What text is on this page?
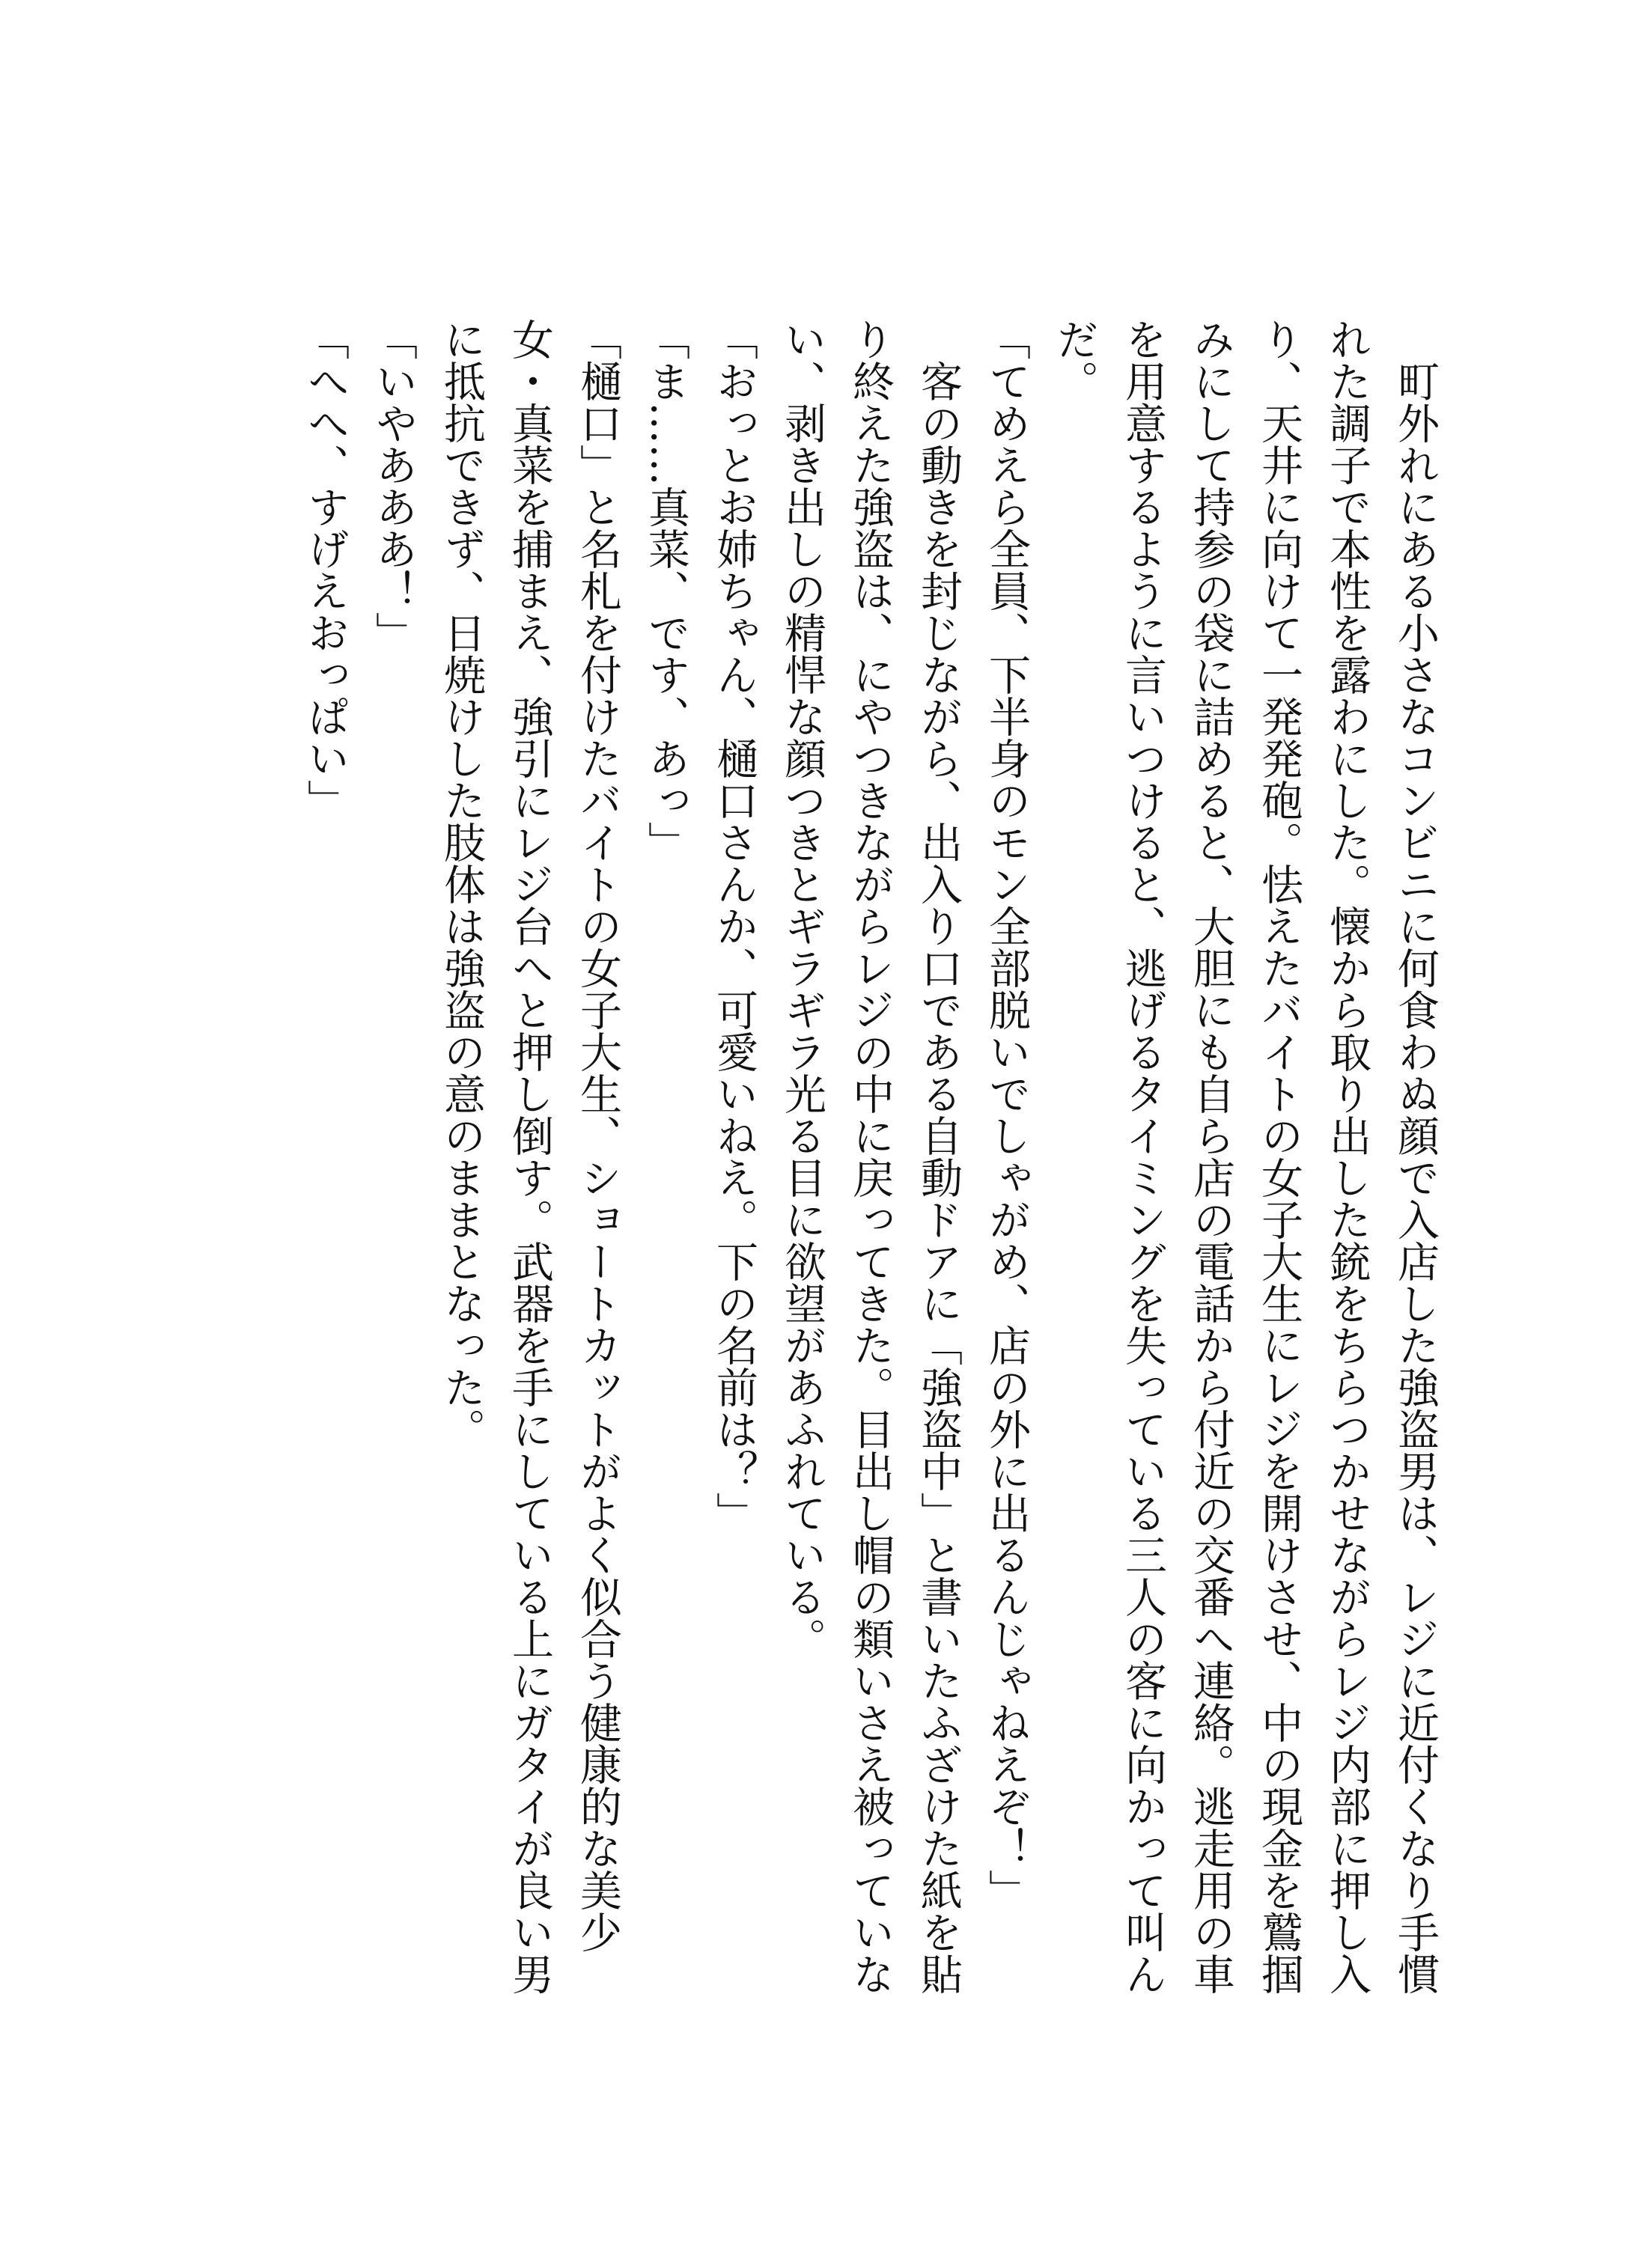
町外れにある小さなコンビニに何食わぬ顔で入店した強盗男は、レジに近付くなり手慣れた調子で本性を露わにした。懐から取り出した銃をちらつかせながらレジ内部に押し入り、天井に向けて一発発砲。怯えたバイトの女子大生にレジを開けさせ、中の現金を鷲掴みにして持参の袋に詰めると、大胆にも自ら店の電話から付近の交番へ連絡。逃走用の車を用意するように言いつけると、逃げるタイミングを失っている三人の客に向かって叫んだ。

「てめえら全員、下半身のモン全部脱いでしゃがめ、店の外に出るんじゃねえぞ！」

客の動きを封じながら、出入り口である自動ドアに「強盗中」と書いたふざけた紙を貼り終えた強盗は、にやつきながらレジの中に戻ってきた。目出し帽の類いさえ被っていない、剥き出しの精悍な顔つきとギラギラ光る目に欲望があふれている。

「おっとお姉ちゃん、樋口さんか、可愛いねえ。下の名前は？」

「ま……真菜、です、あっ」

「樋口」と名札を付けたバイトの女子大生、ショートカットがよく似合う健康的な美少女・真菜を捕まえ、強引にレジ台へと押し倒す。武器を手にしている上にガタイが良い男に抵抗できず、日焼けした肢体は強盗の意のままとなった。

「いやあああ！」

「へへ、すげえおっぱい」
